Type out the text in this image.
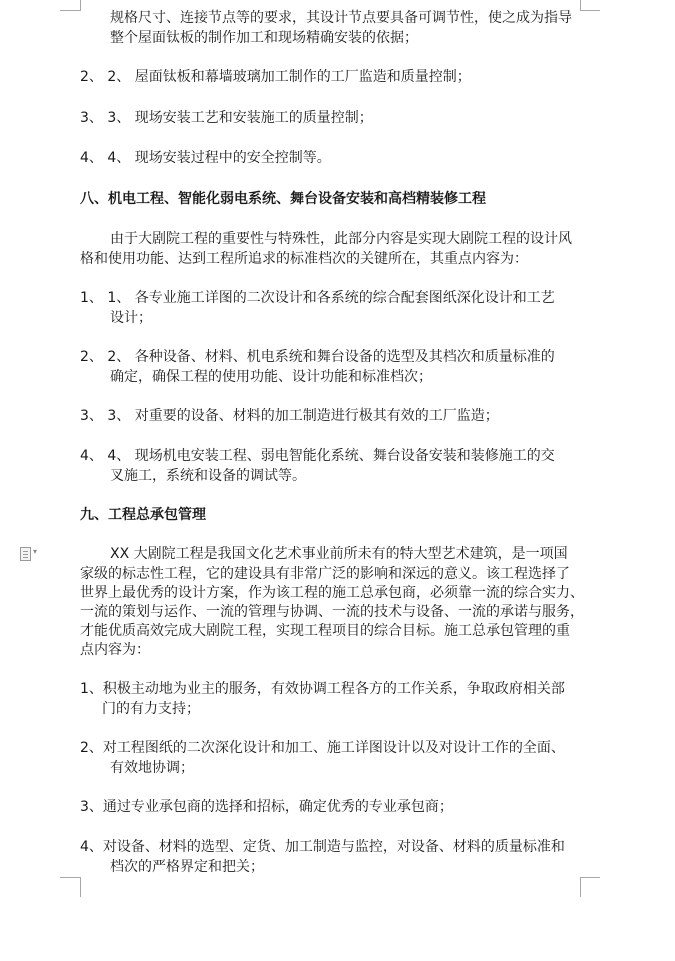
规格尺寸、连接节点等的要求，其设计节点要具备可调节性，使之成为指导
整个屋面钛板的制作加工和现场精确安装的依据；
2、 2、 屋面钛板和幕墙玻璃加工制作的工厂监造和质量控制；
3、 3、 现场安装工艺和安装施工的质量控制；
4、 4、 现场安装过程中的安全控制等。
八、机电工程、智能化弱电系统、舞台设备安装和高档精装修工程
由于大剧院工程的重要性与特殊性，此部分内容是实现大剧院工程的设计风
格和使用功能、达到工程所追求的标准档次的关键所在，其重点内容为：
1、 1、 各专业施工详图的二次设计和各系统的综合配套图纸深化设计和工艺
设计；
2、 2、 各种设备、材料、机电系统和舞台设备的选型及其档次和质量标准的
确定，确保工程的使用功能、设计功能和标准档次；
3、 3、 对重要的设备、材料的加工制造进行极其有效的工厂监造；
4、 4、 现场机电安装工程、弱电智能化系统、舞台设备安装和装修施工的交
叉施工，系统和设备的调试等。
九、工程总承包管理
▾	XX 大剧院工程是我国文化艺术事业前所未有的特大型艺术建筑，是一项国
家级的标志性工程，它的建设具有非常广泛的影响和深远的意义。该工程选择了
世界上最优秀的设计方案，作为该工程的施工总承包商，必须靠一流的综合实力、
一流的策划与运作、一流的管理与协调、一流的技术与设备、一流的承诺与服务，
才能优质高效完成大剧院工程，实现工程项目的综合目标。施工总承包管理的重
点内容为：
1、积极主动地为业主的服务，有效协调工程各方的工作关系，争取政府相关部
门的有力支持；
2、对工程图纸的二次深化设计和加工、施工详图设计以及对设计工作的全面、
有效地协调；
3、通过专业承包商的选择和招标，确定优秀的专业承包商；
4、对设备、材料的选型、定货、加工制造与监控，对设备、材料的质量标准和
档次的严格界定和把关；
